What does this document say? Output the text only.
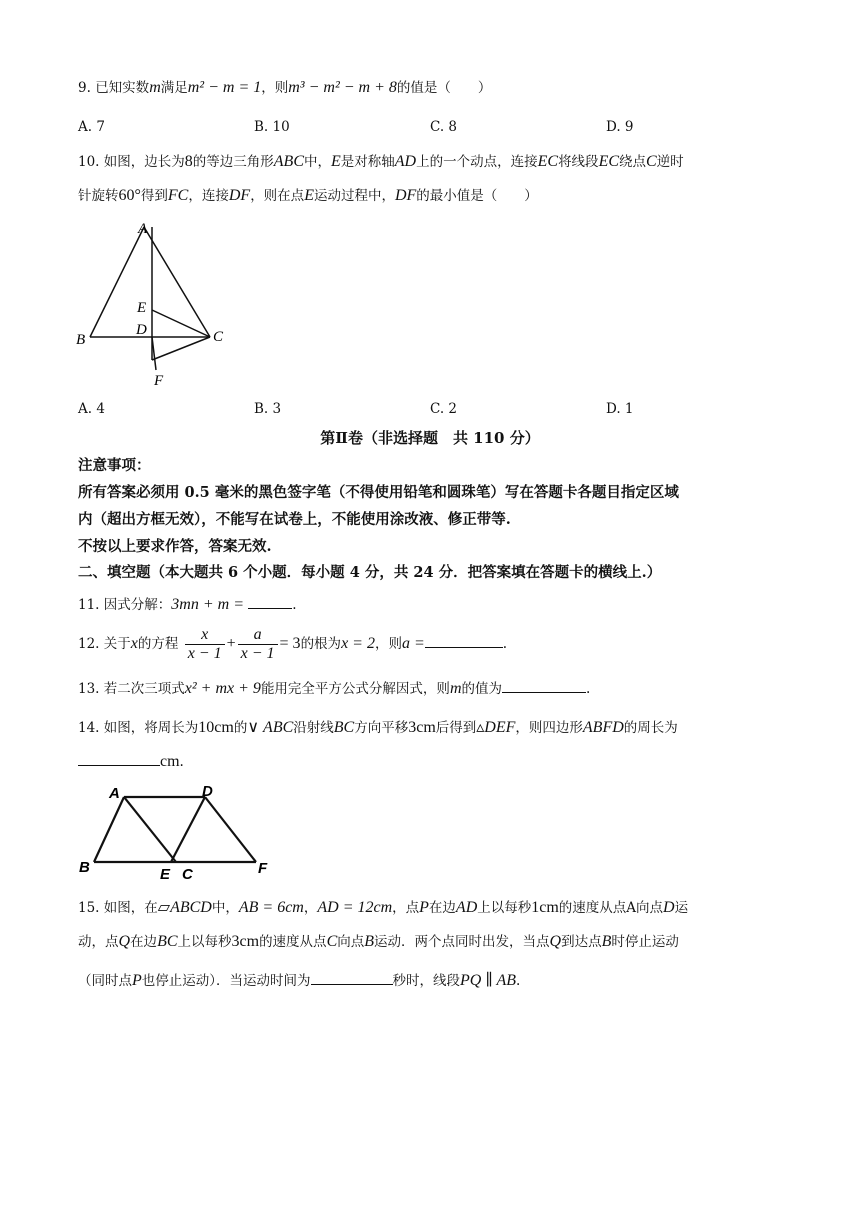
9. 已知实数m满足m² − m = 1，则m³ − m² − m + 8的值是（　　）
A. 7	B. 10	C. 8	D. 9
10. 如图，边长为8的等边三角形ABC中，E是对称轴AD上的一个动点，连接EC将线段EC绕点C逆时
针旋转60°得到FC，连接DF，则在点E运动过程中，DF的最小值是（　　）
A
B	C
D
E
F
A. 4	B. 3	C. 2	D. 1
第Ⅱ卷（非选择题　共 110 分）
注意事项：
所有答案必须用 0.5 毫米的黑色签字笔（不得使用铅笔和圆珠笔）写在答题卡各题目指定区域
内（超出方框无效），不能写在试卷上，不能使用涂改液、修正带等.
不按以上要求作答，答案无效.
二、填空题（本大题共 6 个小题．每小题 4 分，共 24 分．把答案填在答题卡的横线上.）
11. 因式分解：3mn + m =	.
12. 关于x的方程 $\frac{x}{x - 1} + \frac{a}{x - 1} = 3$的根为x = 2，则a =	.
13. 若二次三项式x² + mx + 9能用完全平方公式分解因式，则m的值为	.
14. 如图，将周长为10cm的∨ ABC沿射线BC方向平移3cm后得到▵DEF，则四边形ABFD的周长为
cm.
A
B	C
D
E	F
15. 如图，在▱ABCD中，AB = 6cm，AD = 12cm，点P在边AD上以每秒1cm的速度从点A向点D运
动，点Q在边BC上以每秒3cm的速度从点C向点B运动．两个点同时出发，当点Q到达点B时停止运动
（同时点P也停止运动）．当运动时间为	秒时，线段PQ ∥ AB.
